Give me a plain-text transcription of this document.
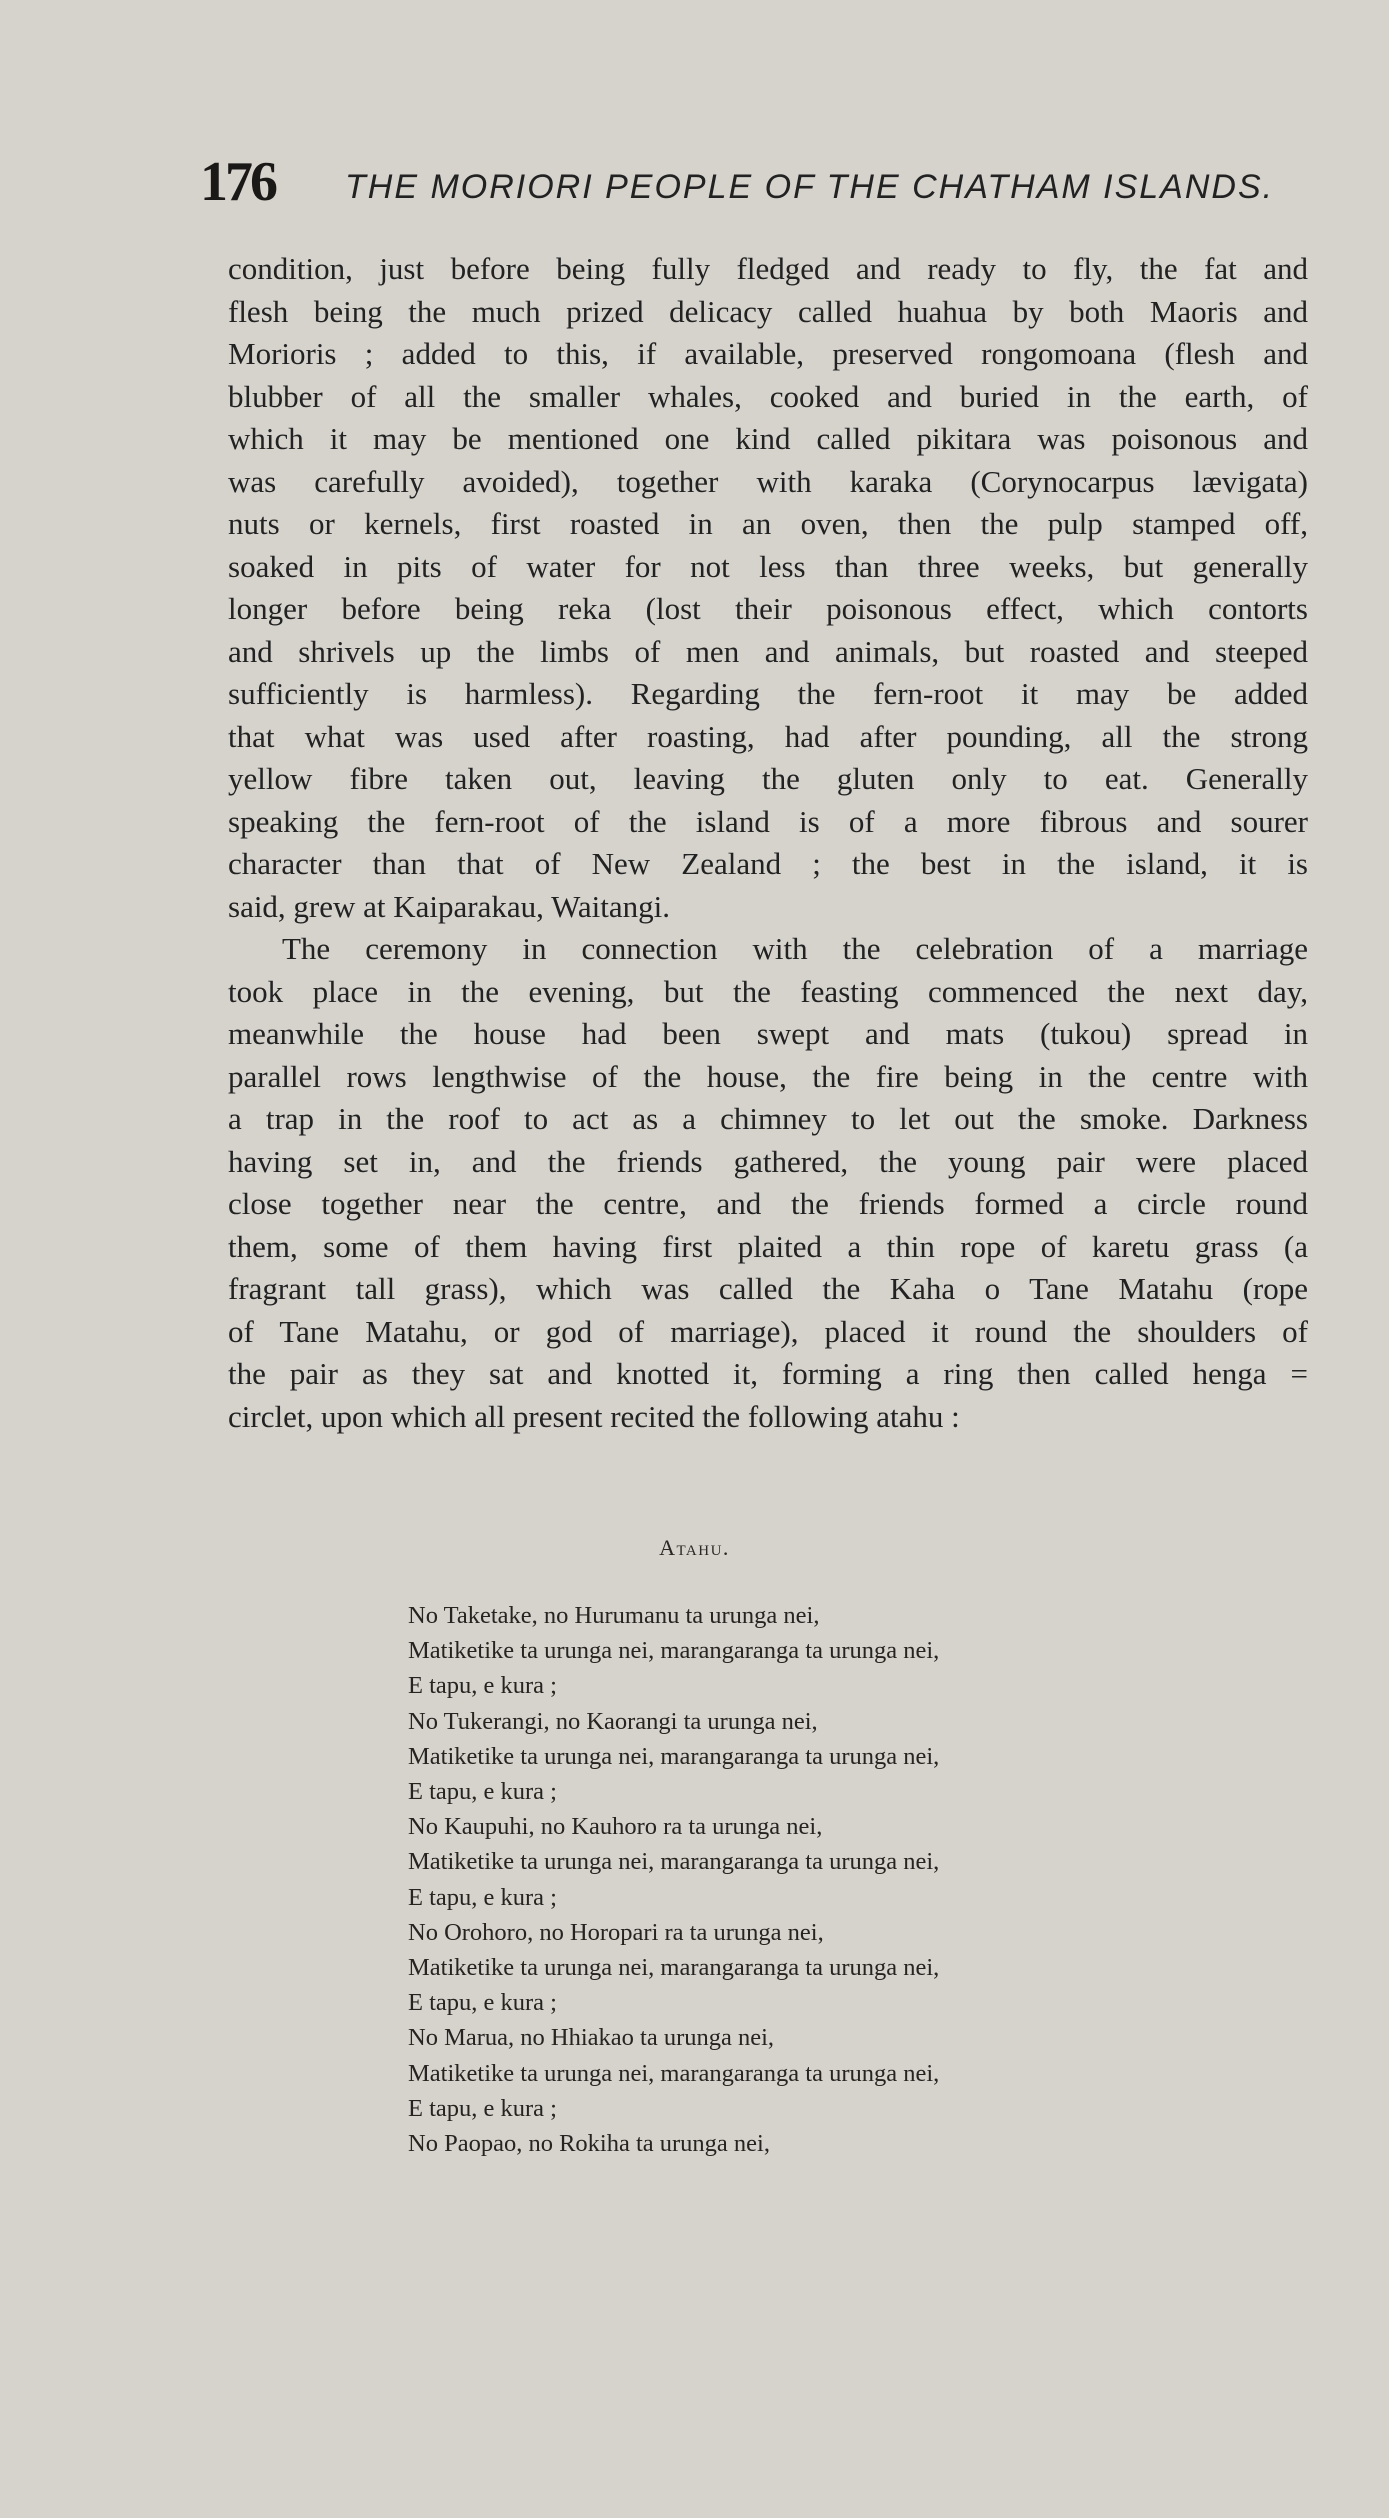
176 THE MORIORI PEOPLE OF THE CHATHAM ISLANDS.
condition, just before being fully fledged and ready to fly, the fat and
flesh being the much prized delicacy called huahua by both Maoris and
Morioris ; added to this, if available, preserved rongomoana (flesh and
blubber of all the smaller whales, cooked and buried in the earth, of
which it may be mentioned one kind called pikitara was poisonous and
was carefully avoided), together with karaka (Corynocarpus lævigata)
nuts or kernels, first roasted in an oven, then the pulp stamped off,
soaked in pits of water for not less than three weeks, but generally
longer before being reka (lost their poisonous effect, which contorts
and shrivels up the limbs of men and animals, but roasted and steeped
sufficiently is harmless). Regarding the fern-root it may be added
that what was used after roasting, had after pounding, all the strong
yellow fibre taken out, leaving the gluten only to eat. Generally
speaking the fern-root of the island is of a more fibrous and sourer
character than that of New Zealand ; the best in the island, it is
said, grew at Kaiparakau, Waitangi.
The ceremony in connection with the celebration of a marriage
took place in the evening, but the feasting commenced the next day,
meanwhile the house had been swept and mats (tukou) spread in
parallel rows lengthwise of the house, the fire being in the centre with
a trap in the roof to act as a chimney to let out the smoke. Darkness
having set in, and the friends gathered, the young pair were placed
close together near the centre, and the friends formed a circle round
them, some of them having first plaited a thin rope of karetu grass (a
fragrant tall grass), which was called the Kaha o Tane Matahu (rope
of Tane Matahu, or god of marriage), placed it round the shoulders of
the pair as they sat and knotted it, forming a ring then called henga =
circlet, upon which all present recited the following atahu :
Atahu.
No Taketake, no Hurumanu ta urunga nei,
Matiketike ta urunga nei, marangaranga ta urunga nei,
E tapu, e kura ;
No Tukerangi, no Kaorangi ta urunga nei,
Matiketike ta urunga nei, marangaranga ta urunga nei,
E tapu, e kura ;
No Kaupuhi, no Kauhoro ra ta urunga nei,
Matiketike ta urunga nei, marangaranga ta urunga nei,
E tapu, e kura ;
No Orohoro, no Horopari ra ta urunga nei,
Matiketike ta urunga nei, marangaranga ta urunga nei,
E tapu, e kura ;
No Marua, no Hhiakao ta urunga nei,
Matiketike ta urunga nei, marangaranga ta urunga nei,
E tapu, e kura ;
No Paopao, no Rokiha ta urunga nei,
